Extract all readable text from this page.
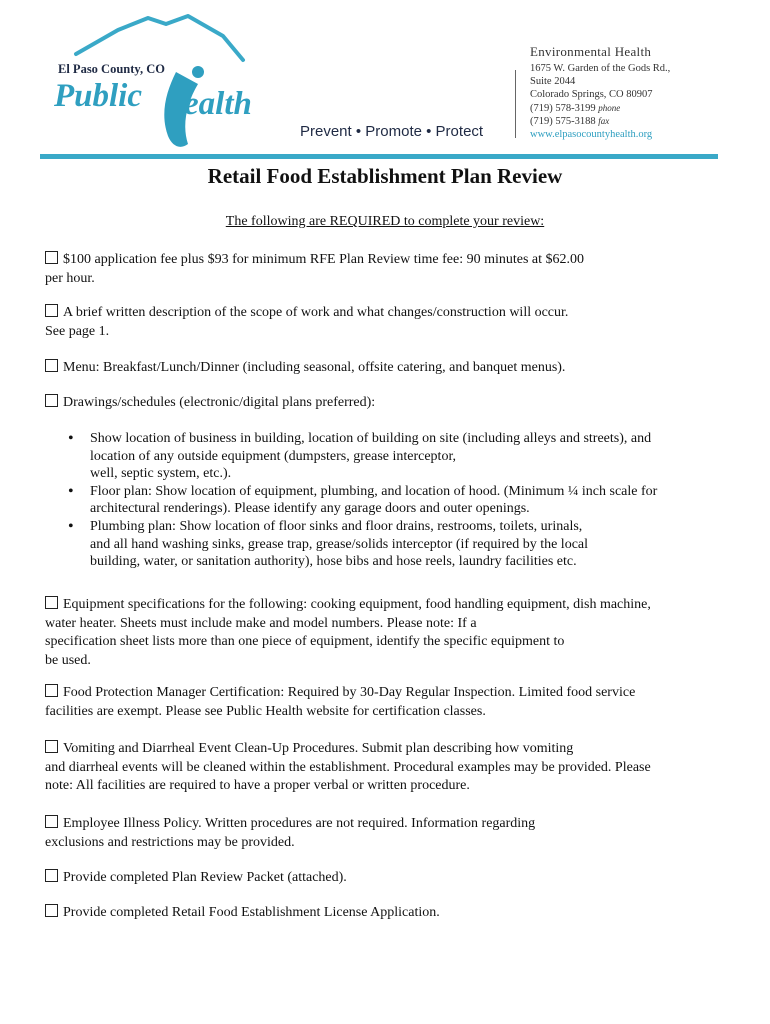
El Paso County, CO
Public ealth
Prevent • Promote • Protect
Environmental Health
1675 W. Garden of the Gods Rd.,
Suite 2044
Colorado Springs, CO 80907
(719) 578-3199 phone
(719) 575-3188 fax
www.elpasocountyhealth.org
Retail Food Establishment Plan Review
The following are REQUIRED to complete your review:
$100 application fee plus $93 for minimum RFE Plan Review time fee: 90 minutes at $62.00
per hour.
A brief written description of the scope of work and what changes/construction will occur.
See page 1.
Menu: Breakfast/Lunch/Dinner (including seasonal, offsite catering, and banquet menus).
Drawings/schedules (electronic/digital plans preferred):
• Show location of business in building, location of building on site (including alleys and streets), and
location of any outside equipment (dumpsters, grease interceptor,
well, septic system, etc.).
• Floor plan: Show location of equipment, plumbing, and location of hood. (Minimum ¼ inch scale for
architectural renderings). Please identify any garage doors and outer openings.
• Plumbing plan: Show location of floor sinks and floor drains, restrooms, toilets, urinals,
and all hand washing sinks, grease trap, grease/solids interceptor (if required by the local
building, water, or sanitation authority), hose bibs and hose reels, laundry facilities etc.
Equipment specifications for the following: cooking equipment, food handling equipment, dish machine,
water heater. Sheets must include make and model numbers. Please note: If a
specification sheet lists more than one piece of equipment, identify the specific equipment to
be used.
Food Protection Manager Certification: Required by 30-Day Regular Inspection. Limited food service
facilities are exempt. Please see Public Health website for certification classes.
Vomiting and Diarrheal Event Clean-Up Procedures. Submit plan describing how vomiting
and diarrheal events will be cleaned within the establishment. Procedural examples may be provided. Please
note: All facilities are required to have a proper verbal or written procedure.
Employee Illness Policy. Written procedures are not required. Information regarding
exclusions and restrictions may be provided.
Provide completed Plan Review Packet (attached).
Provide completed Retail Food Establishment License Application.
